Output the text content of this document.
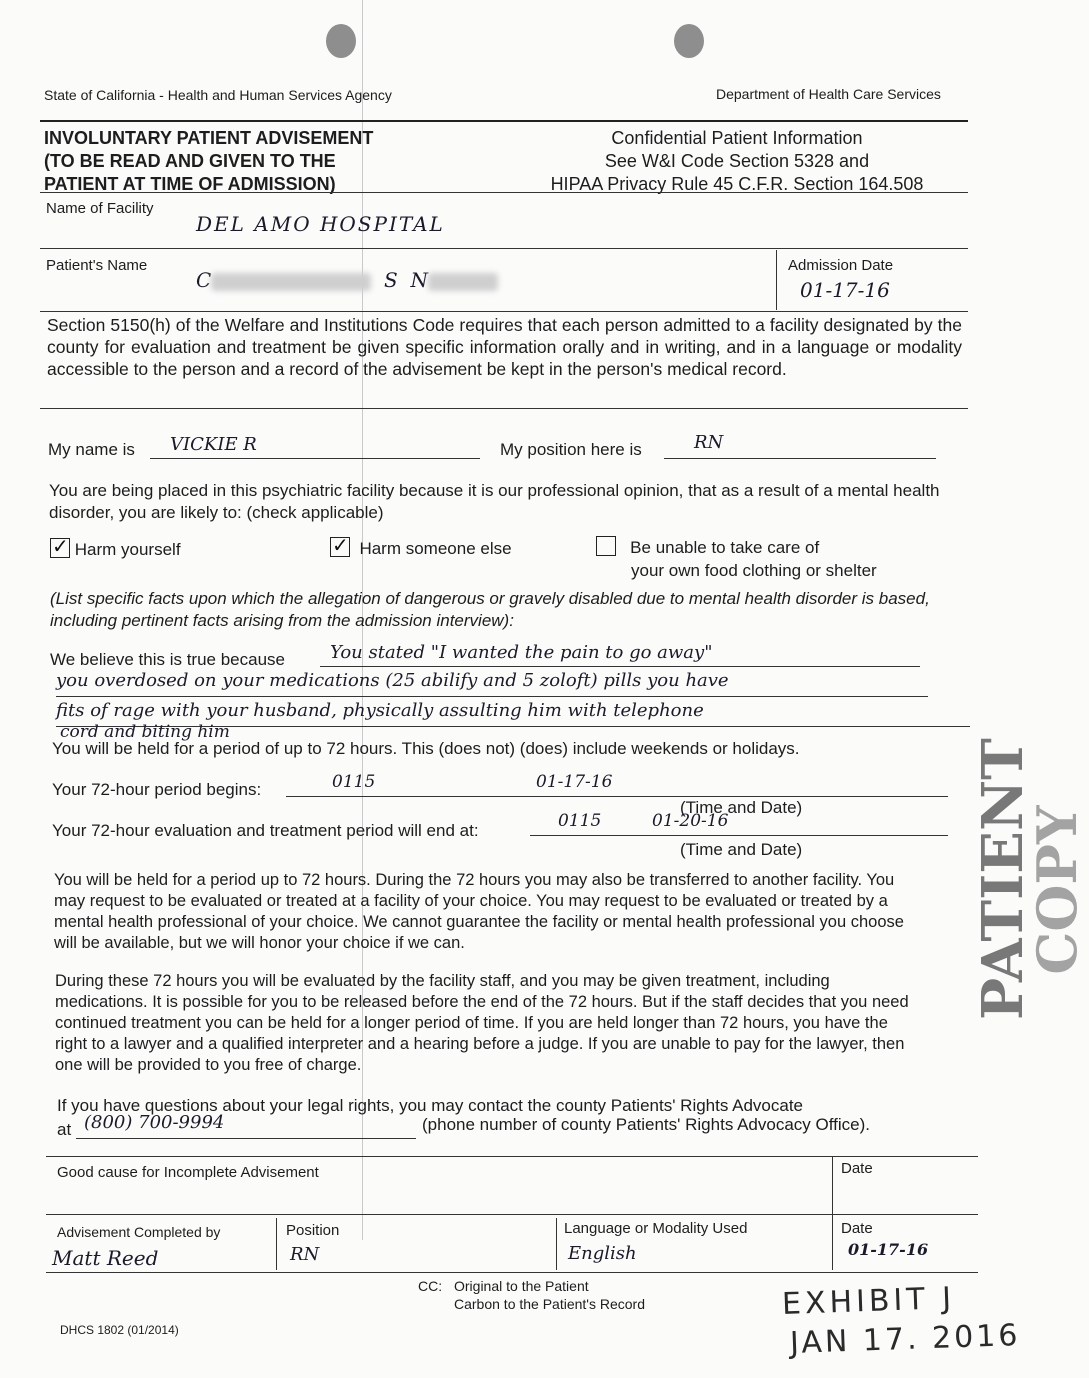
State of California - Health and Human Services Agency	Department of Health Care Services
INVOLUNTARY PATIENT ADVISEMENT
(TO BE READ AND GIVEN TO THE
PATIENT AT TIME OF ADMISSION)
Confidential Patient Information
See W&I Code Section 5328 and
HIPAA Privacy Rule 45 C.F.R. Section 164.508
Name of Facility
DEL AMO HOSPITAL
Patient's Name
C	S N
Admission Date
01-17-16
Section 5150(h) of the Welfare and Institutions Code requires that each person admitted to a facility designated by the county for evaluation and treatment be given specific information orally and in writing, and in a language or modality accessible to the person and a record of the advisement be kept in the person's medical record.
My name is VICKIE R	My position here is	RN
You are being placed in this psychiatric facility because it is our professional opinion, that as a result of a mental health disorder, you are likely to: (check applicable)
✓ Harm yourself
✓	Harm someone else	Be unable to take care of
your own food clothing or shelter
(List specific facts upon which the allegation of dangerous or gravely disabled due to mental health disorder is based, including pertinent facts arising from the admission interview):
We believe this is true because	You stated "I wanted the pain to go away"
you overdosed on your medications (25 abilify and 5 zoloft) pills you have
fits of rage with your husband, physically assulting him with telephone
cord and biting him
You will be held for a period of up to 72 hours. This (does not) (does) include weekends or holidays.
Your 72-hour period begins:	0115	01-17-16
(Time and Date)
Your 72-hour evaluation and treatment period will end at:	0115	01-20-16
(Time and Date)
You will be held for a period up to 72 hours. During the 72 hours you may also be transferred to another facility. You may request to be evaluated or treated at a facility of your choice. You may request to be evaluated or treated by a mental health professional of your choice. We cannot guarantee the facility or mental health professional you choose will be available, but we will honor your choice if we can.
During these 72 hours you will be evaluated by the facility staff, and you may be given treatment, including medications. It is possible for you to be released before the end of the 72 hours. But if the staff decides that you need continued treatment you can be held for a longer period of time. If you are held longer than 72 hours, you have the right to a lawyer and a qualified interpreter and a hearing before a judge. If you are unable to pay for the lawyer, then one will be provided to you free of charge.
If you have questions about your legal rights, you may contact the county Patients' Rights Advocate
at (800) 700-9994	(phone number of county Patients' Rights Advocacy Office).
Good cause for Incomplete Advisement	Date
Advisement Completed by
Matt Reed
Position
RN
Language or Modality Used
English
Date
01-17-16
CC: Original to the Patient
Carbon to the Patient's Record
DHCS 1802 (01/2014)
EXHIBIT J
JAN 17. 2016
PATIENT
COPY
